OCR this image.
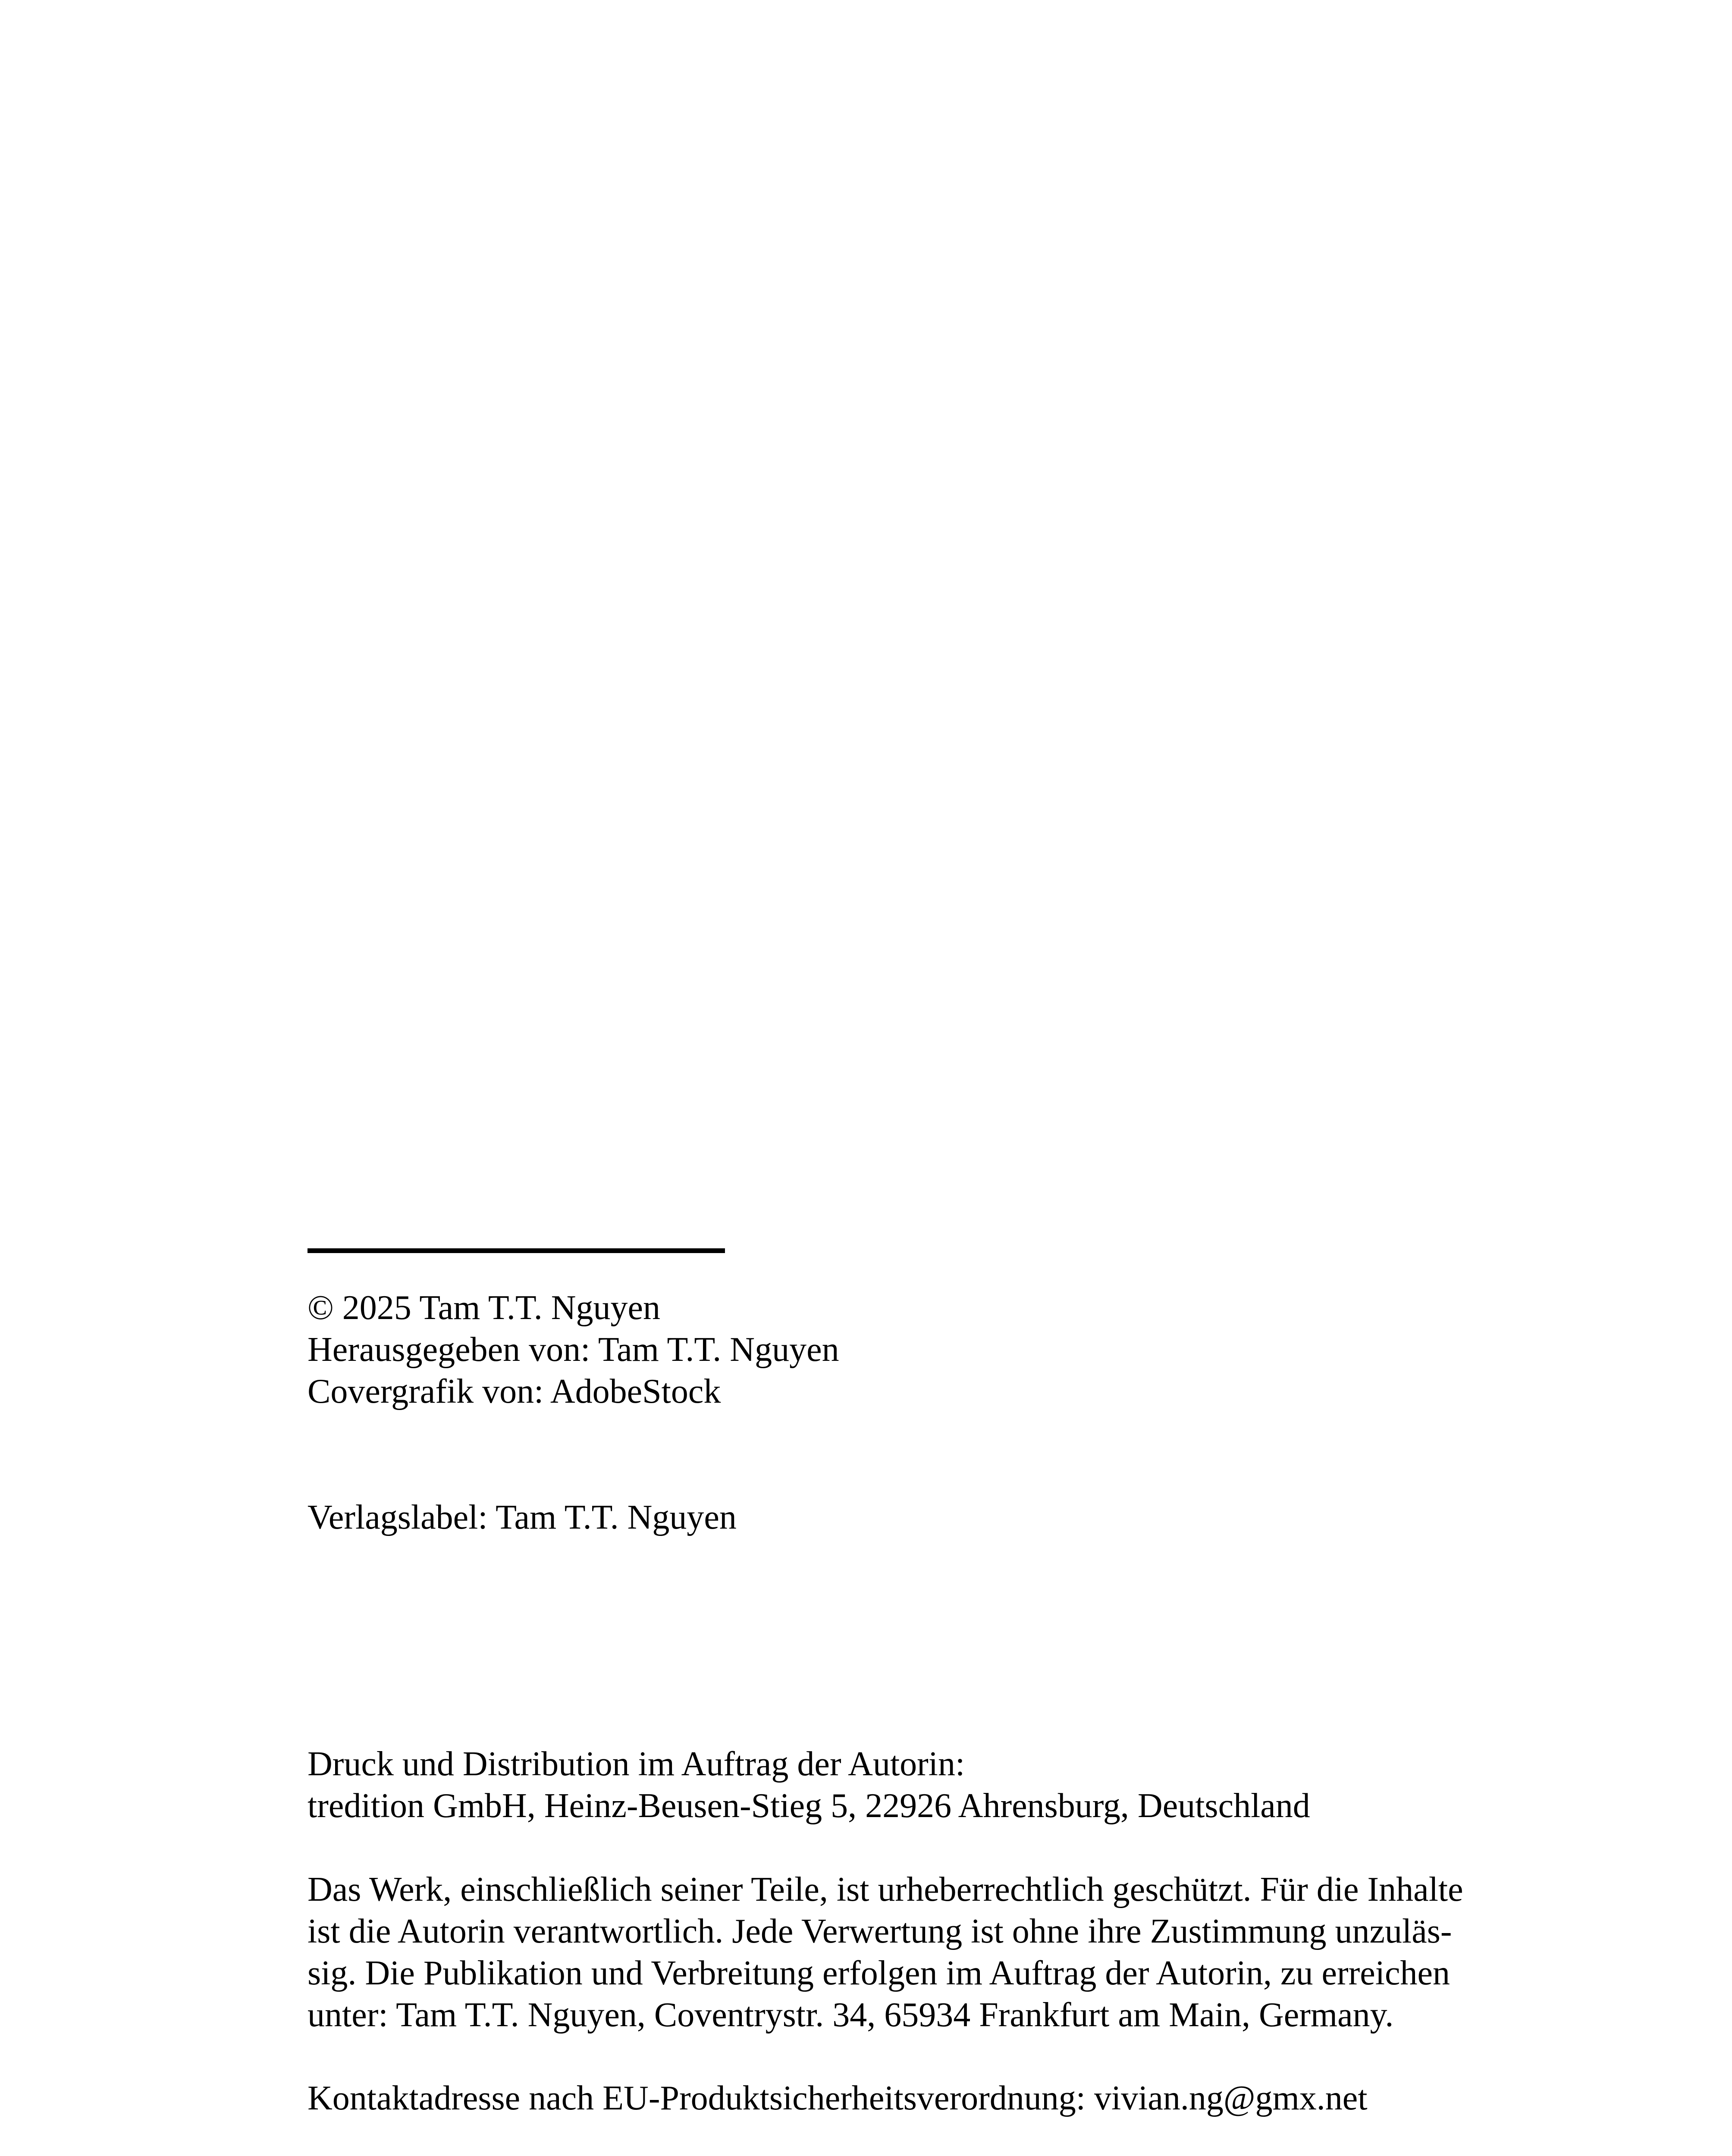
© 2025 Tam T.T. Nguyen

Herausgegeben von: Tam T.T. Nguyen

Covergrafik von: AdobeStock

Verlagslabel: Tam T.T. Nguyen

Druck und Distribution im Auftrag der Autorin:

tredition GmbH, Heinz-Beusen-Stieg 5, 22926 Ahrensburg, Deutschland

Das Werk, einschließlich seiner Teile, ist urheberrechtlich geschützt. Für die Inhalte

ist die Autorin verantwortlich. Jede Verwertung ist ohne ihre Zustimmung unzuläs-

sig. Die Publikation und Verbreitung erfolgen im Auftrag der Autorin, zu erreichen

unter: Tam T.T. Nguyen, Coventrystr. 34, 65934 Frankfurt am Main, Germany.

Kontaktadresse nach EU-Produktsicherheitsverordnung: vivian.ng@gmx.net
